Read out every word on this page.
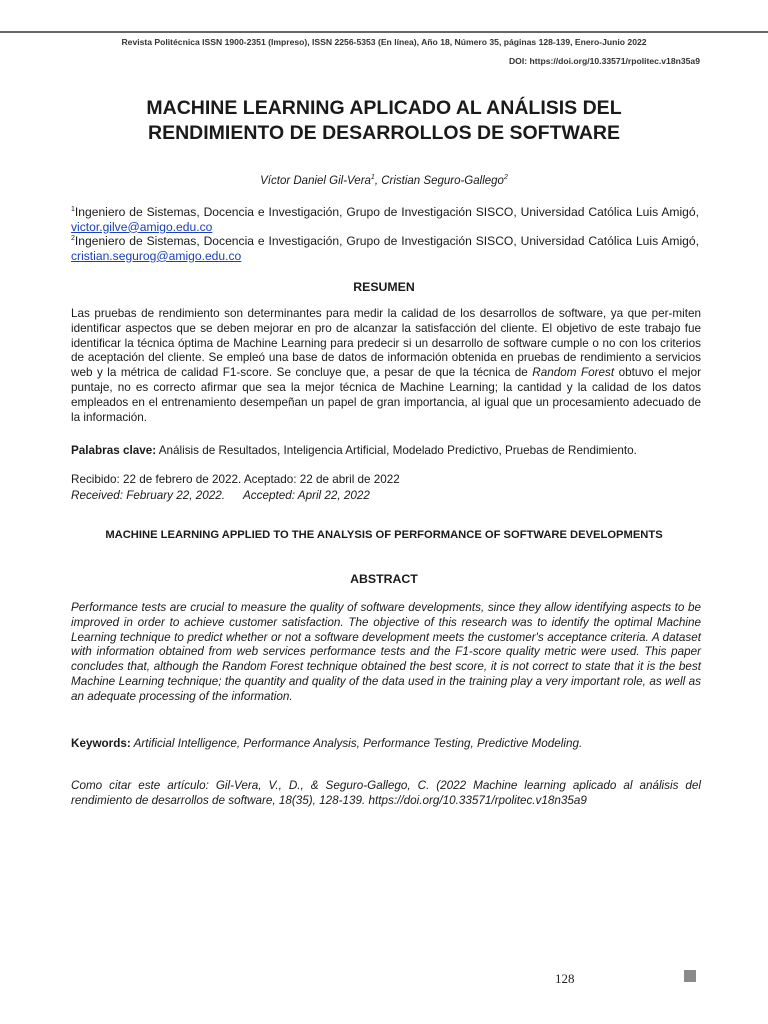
Revista Politécnica ISSN 1900-2351 (Impreso), ISSN 2256-5353 (En línea), Año 18, Número 35, páginas 128-139, Enero-Junio 2022
DOI: https://doi.org/10.33571/rpolitec.v18n35a9
MACHINE LEARNING APLICADO AL ANÁLISIS DEL RENDIMIENTO DE DESARROLLOS DE SOFTWARE
Víctor Daniel Gil-Vera$^1$, Cristian Seguro-Gallego$^2$
$^1$Ingeniero de Sistemas, Docencia e Investigación, Grupo de Investigación SISCO, Universidad Católica Luis Amigó, victor.gilve@amigo.edu.co
$^2$Ingeniero de Sistemas, Docencia e Investigación, Grupo de Investigación SISCO, Universidad Católica Luis Amigó, cristian.segurog@amigo.edu.co
RESUMEN
Las pruebas de rendimiento son determinantes para medir la calidad de los desarrollos de software, ya que per-miten identificar aspectos que se deben mejorar en pro de alcanzar la satisfacción del cliente. El objetivo de este trabajo fue identificar la técnica óptima de Machine Learning para predecir si un desarrollo de software cumple o no con los criterios de aceptación del cliente. Se empleó una base de datos de información obtenida en pruebas de rendimiento a servicios web y la métrica de calidad F1-score. Se concluye que, a pesar de que la técnica de Random Forest obtuvo el mejor puntaje, no es correcto afirmar que sea la mejor técnica de Machine Learning; la cantidad y la calidad de los datos empleados en el entrenamiento desempeñan un papel de gran importancia, al igual que un procesamiento adecuado de la información.
Palabras clave: Análisis de Resultados, Inteligencia Artificial, Modelado Predictivo, Pruebas de Rendimiento.
Recibido: 22 de febrero de 2022. Aceptado: 22 de abril de 2022
Received: February 22, 2022. Accepted: April 22, 2022
MACHINE LEARNING APPLIED TO THE ANALYSIS OF PERFORMANCE OF SOFTWARE DEVELOPMENTS
ABSTRACT
Performance tests are crucial to measure the quality of software developments, since they allow identifying aspects to be improved in order to achieve customer satisfaction. The objective of this research was to identify the optimal Machine Learning technique to predict whether or not a software development meets the customer's acceptance criteria. A dataset with information obtained from web services performance tests and the F1-score quality metric were used. This paper concludes that, although the Random Forest technique obtained the best score, it is not correct to state that it is the best Machine Learning technique; the quantity and quality of the data used in the training play a very important role, as well as an adequate processing of the information.
Keywords: Artificial Intelligence, Performance Analysis, Performance Testing, Predictive Modeling.
Como citar este artículo: Gil-Vera, V., D., & Seguro-Gallego, C. (2022 Machine learning aplicado al análisis del rendimiento de desarrollos de software, 18(35), 128-139. https://doi.org/10.33571/rpolitec.v18n35a9
128
